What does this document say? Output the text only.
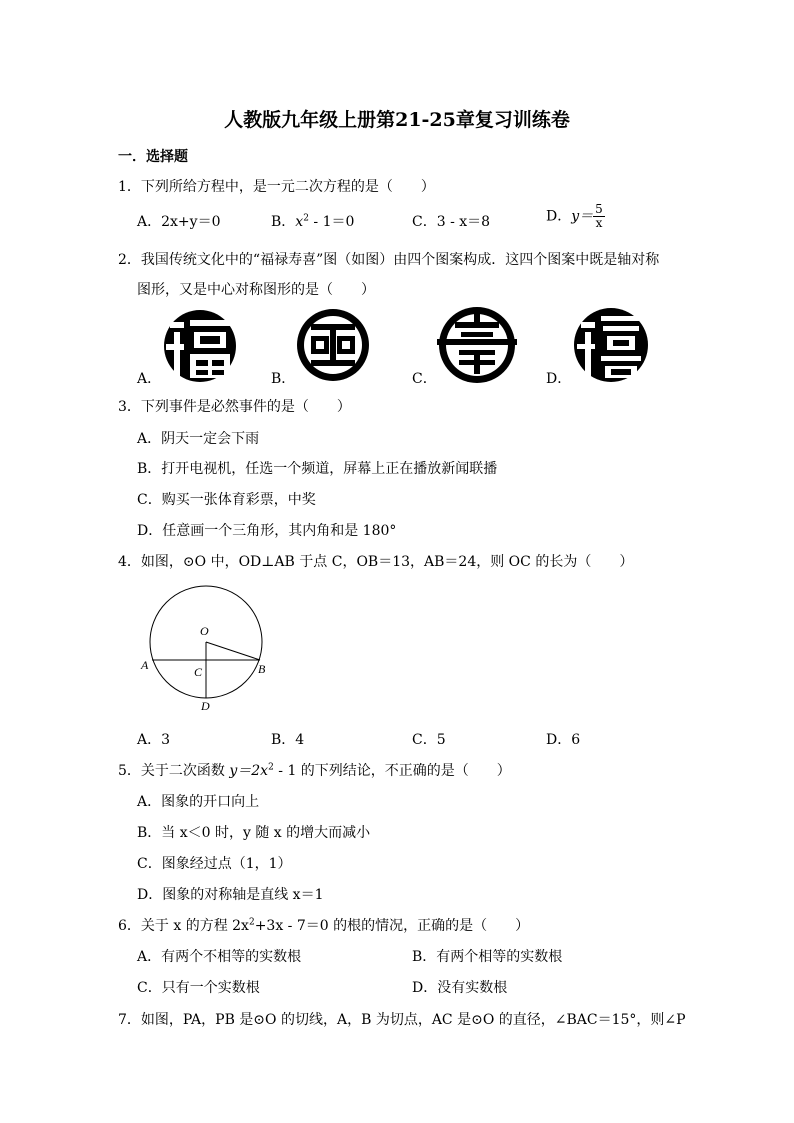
人教版九年级上册第21-25章复习训练卷
一．选择题
1．下列所给方程中，是一元二次方程的是（　　）
A．2x+y＝0	B．$x^2 - 1=0$	C．3 - x＝8	D．$y= \frac{5}{x}$
2．我国传统文化中的“福禄寿喜”图（如图）由四个图案构成．这四个图案中既是轴对称
图形，又是中心对称图形的是（　　）
A．	B．	C．	D．
3．下列事件是必然事件的是（　　）
A．阴天一定会下雨
B．打开电视机，任选一个频道，屏幕上正在播放新闻联播
C．购买一张体育彩票，中奖
D．任意画一个三角形，其内角和是 180°
4．如图，⊙O 中，OD⊥AB 于点 C，OB＝13，AB＝24，则 OC 的长为（　　）
O
A	B
C
D
A．3	B．4	C．5	D．6
5．关于二次函数 $y=2x^2 - 1$ 的下列结论，不正确的是（　　）
A．图象的开口向上
B．当 x＜0 时，y 随 x 的增大而减小
C．图象经过点（1，1）
D．图象的对称轴是直线 x＝1
6．关于 x 的方程 $2x^2+3x - 7=0$ 的根的情况，正确的是（　　）
A．有两个不相等的实数根	B．有两个相等的实数根
C．只有一个实数根	D．没有实数根
7．如图，PA，PB 是⊙O 的切线，A，B 为切点，AC 是⊙O 的直径，∠BAC＝15°，则∠P
